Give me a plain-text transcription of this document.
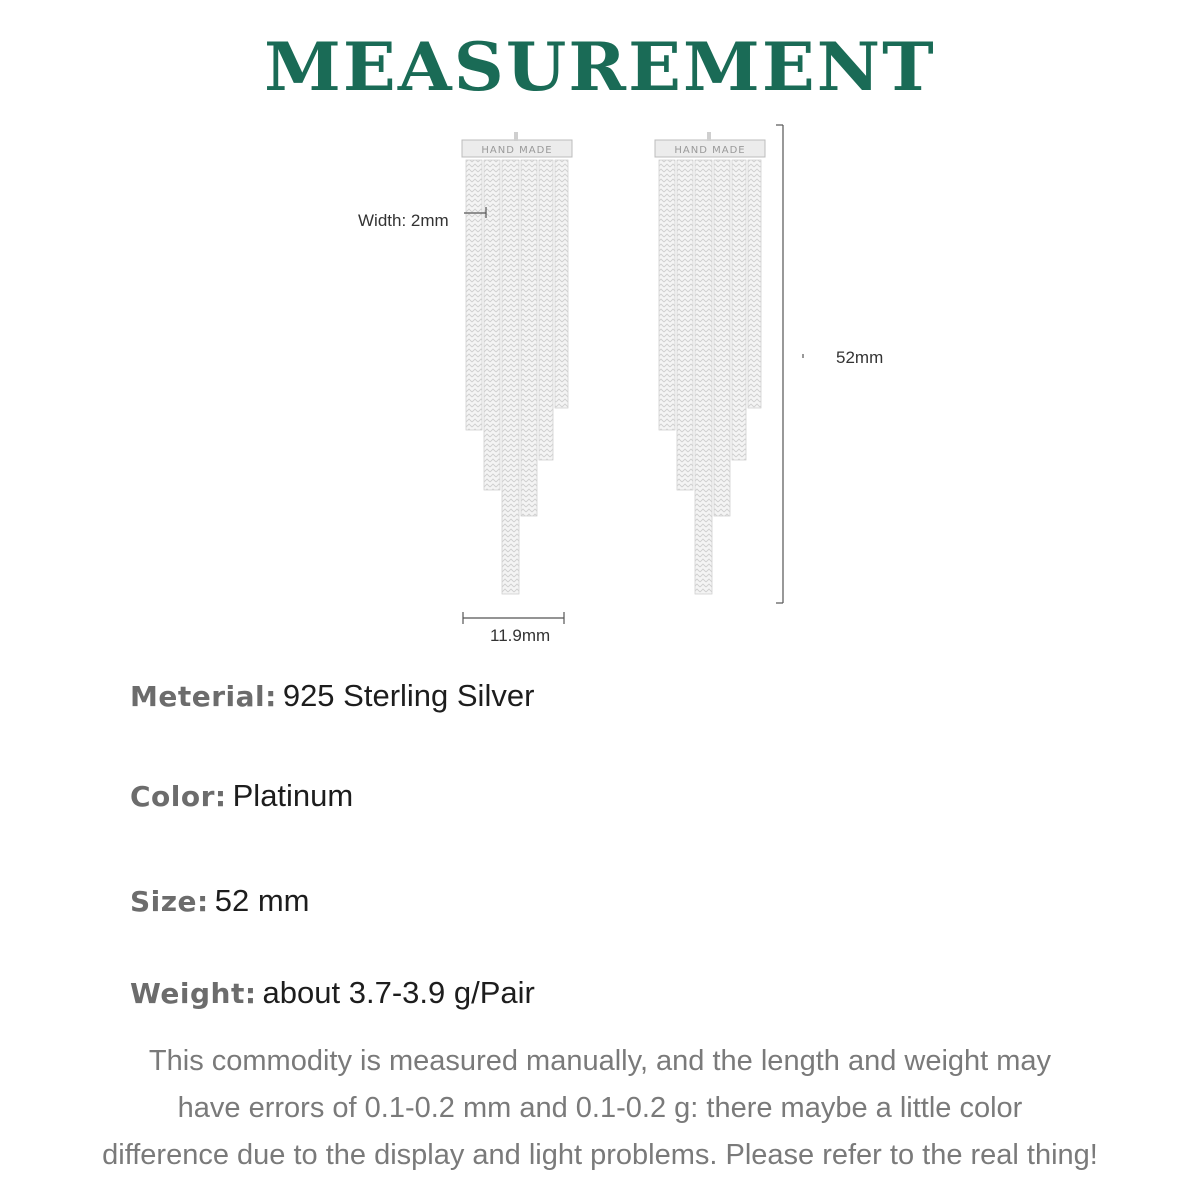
MEASUREMENT
HAND MADE	HAND MADE
Width: 2mm
11.9mm
52mm
Meterial: 925 Sterling Silver
Color: Platinum
Size: 52 mm
Weight: about 3.7-3.9 g/Pair
This commodity is measured manually, and the length and weight may
have errors of 0.1-0.2 mm and 0.1-0.2 g: there maybe a little color
difference due to the display and light problems. Please refer to the real thing!
